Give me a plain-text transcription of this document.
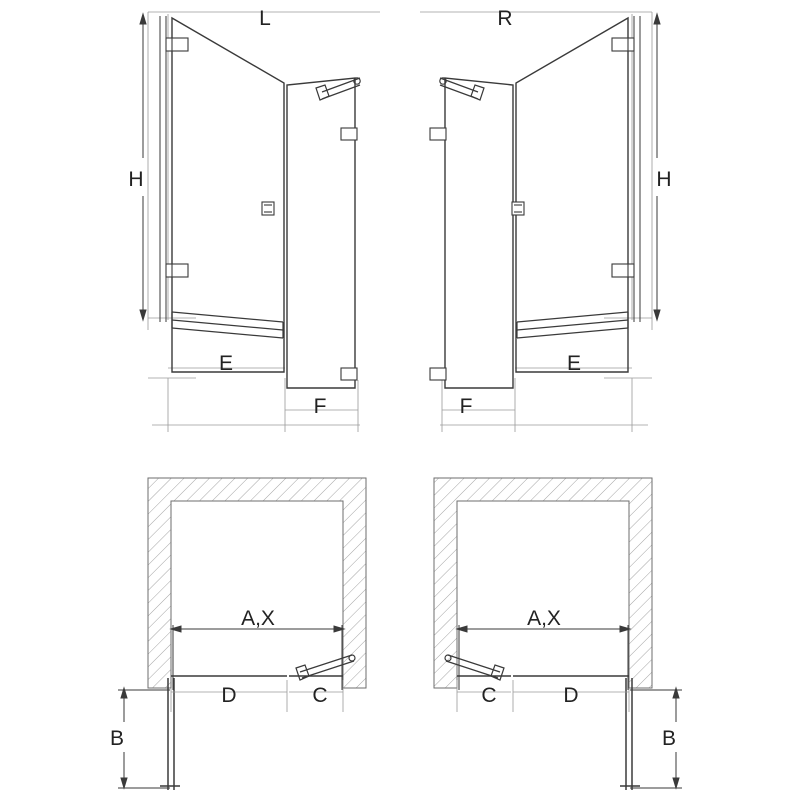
H
L
E
F
H
R
E
F
A,X
D	C
B
A,X
D
C
B
